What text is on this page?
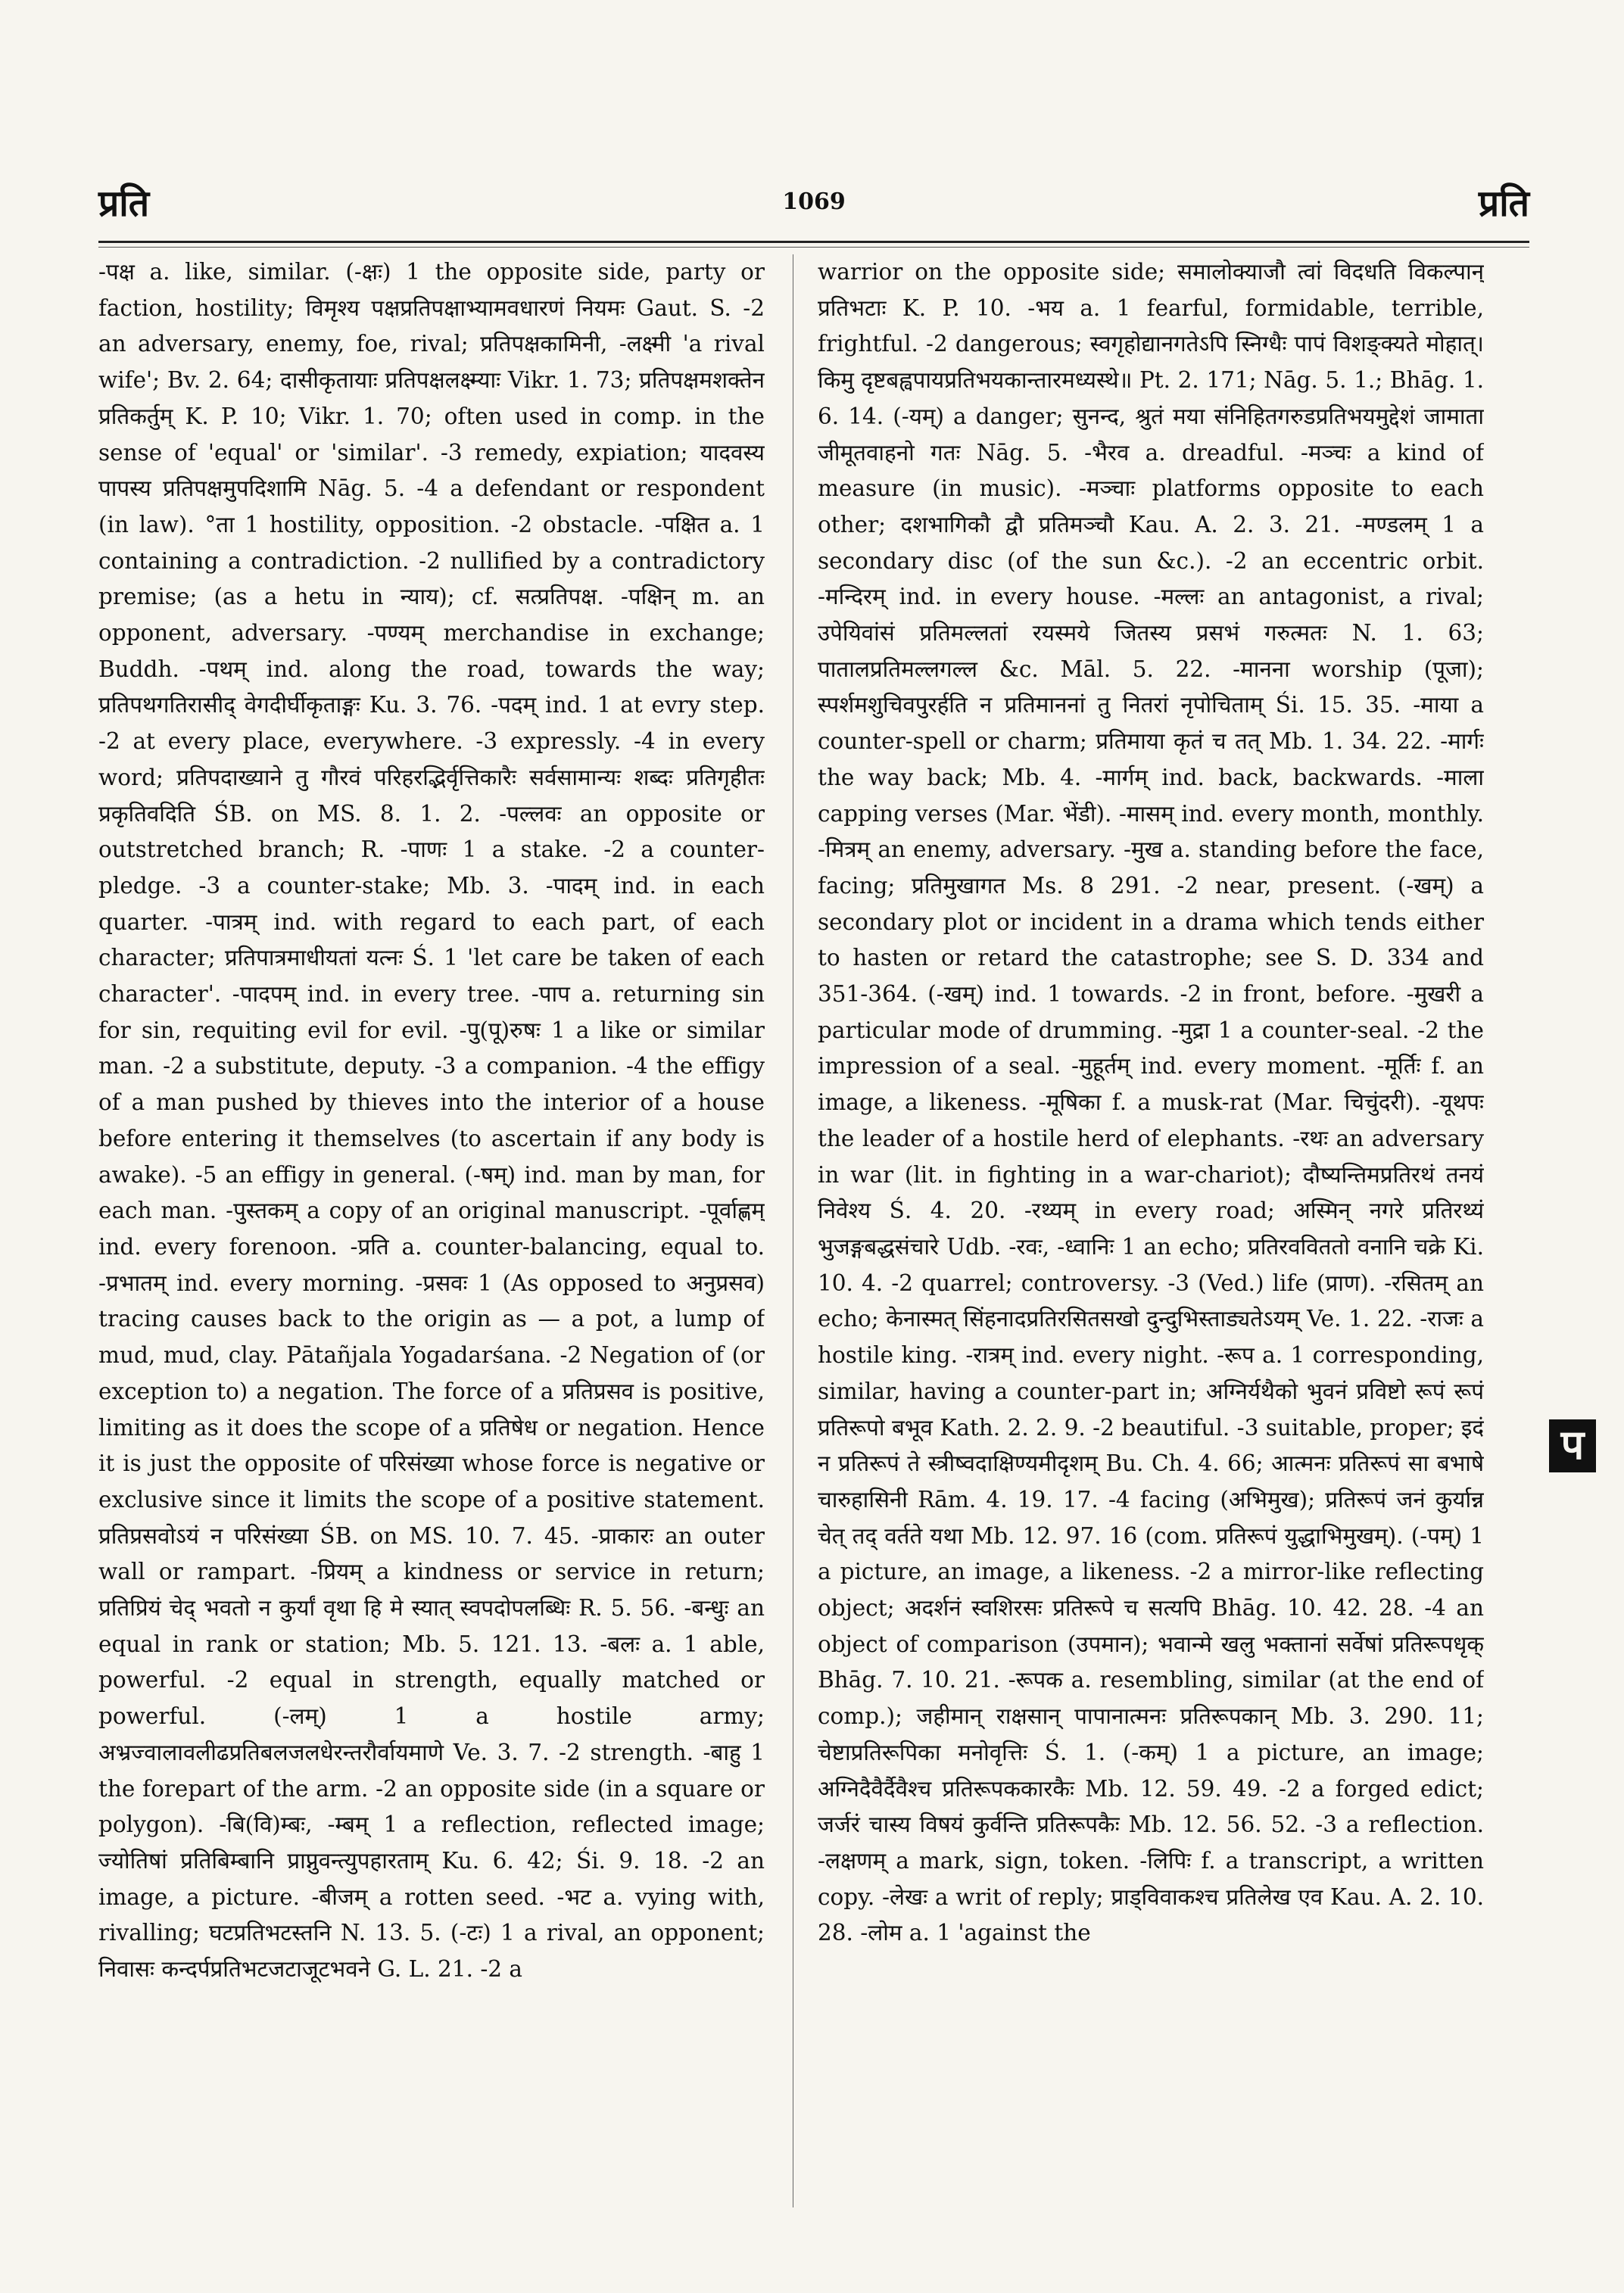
प्रति	1069	प्रति
-पक्ष a. like, similar. (-क्षः) 1 the opposite side, party or faction, hostility; विमृश्य पक्षप्रतिपक्षाभ्यामवधारणं नियमः Gaut. S. -2 an adversary, enemy, foe, rival; प्रतिपक्षकामिनी, -लक्ष्मी 'a rival wife'; Bv. 2. 64; दासीकृतायाः प्रतिपक्षलक्ष्म्याः Vikr. 1. 73; प्रतिपक्षमशक्तेन प्रतिकर्तुम् K. P. 10; Vikr. 1. 70; often used in comp. in the sense of 'equal' or 'similar'. -3 remedy, expiation; यादवस्य पापस्य प्रतिपक्षमुपदिशामि Nāg. 5. -4 a defendant or respondent (in law). °ता 1 hostility, opposition. -2 obstacle. -पक्षित a. 1 containing a contradiction. -2 nullified by a contradictory premise; (as a hetu in न्याय); cf. सत्प्रतिपक्ष. -पक्षिन् m. an opponent, adversary. -पण्यम् merchandise in exchange; Buddh. -पथम् ind. along the road, towards the way; प्रतिपथगतिरासीद् वेगदीर्घीकृताङ्गः Ku. 3. 76. -पदम् ind. 1 at evry step. -2 at every place, everywhere. -3 expressly. -4 in every word; प्रतिपदाख्याने तु गौरवं परिहरद्भिर्वृत्तिकारैः सर्वसामान्यः शब्दः प्रतिगृहीतः प्रकृतिवदिति ŚB. on MS. 8. 1. 2. -पल्लवः an opposite or outstretched branch; R. -पाणः 1 a stake. -2 a counter-pledge. -3 a counter-stake; Mb. 3. -पादम् ind. in each quarter. -पात्रम् ind. with regard to each part, of each character; प्रतिपात्रमाधीयतां यत्नः Ś. 1 'let care be taken of each character'. -पादपम् ind. in every tree. -पाप a. returning sin for sin, requiting evil for evil. -पु(पू)रुषः 1 a like or similar man. -2 a substitute, deputy. -3 a companion. -4 the effigy of a man pushed by thieves into the interior of a house before entering it themselves (to ascertain if any body is awake). -5 an effigy in general. (-षम्) ind. man by man, for each man. -पुस्तकम् a copy of an original manuscript. -पूर्वाह्णम् ind. every forenoon. -प्रति a. counter-balancing, equal to. -प्रभातम् ind. every morning. -प्रसवः 1 (As opposed to अनुप्रसव) tracing causes back to the origin as — a pot, a lump of mud, mud, clay. Pātañjala Yogadarśana. -2 Negation of (or exception to) a negation. The force of a प्रतिप्रसव is positive, limiting as it does the scope of a प्रतिषेध or negation. Hence it is just the opposite of परिसंख्या whose force is negative or exclusive since it limits the scope of a positive statement. प्रतिप्रसवोऽयं न परिसंख्या ŚB. on MS. 10. 7. 45. -प्राकारः an outer wall or rampart. -प्रियम् a kindness or service in return; प्रतिप्रियं चेद् भवतो न कुर्यां वृथा हि मे स्यात् स्वपदोपलब्धिः R. 5. 56. -बन्धुः an equal in rank or station; Mb. 5. 121. 13. -बलः a. 1 able, powerful. -2 equal in strength, equally matched or powerful. (-लम्) 1 a hostile army; अभ्रज्वालावलीढप्रतिबलजलधेरन्तरौर्वायमाणे Ve. 3. 7. -2 strength. -बाहु 1 the forepart of the arm. -2 an opposite side (in a square or polygon). -बि(वि)म्बः, -म्बम् 1 a reflection, reflected image; ज्योतिषां प्रतिबिम्बानि प्राप्नुवन्त्युपहारताम् Ku. 6. 42; Śi. 9. 18. -2 an image, a picture. -बीजम् a rotten seed. -भट a. vying with, rivalling; घटप्रतिभटस्तनि N. 13. 5. (-टः) 1 a rival, an opponent; निवासः कन्दर्पप्रतिभटजटाजूटभवने G. L. 21. -2 a
warrior on the opposite side; समालोक्याजौ त्वां विदधति विकल्पान् प्रतिभटाः K. P. 10. -भय a. 1 fearful, formidable, terrible, frightful. -2 dangerous; स्वगृहोद्यानगतेऽपि स्निग्धैः पापं विशङ्क्यते मोहात्। किमु दृष्टबह्वपायप्रतिभयकान्तारमध्यस्थे॥ Pt. 2. 171; Nāg. 5. 1.; Bhāg. 1. 6. 14. (-यम्) a danger; सुनन्द, श्रुतं मया संनिहितगरुडप्रतिभयमुद्देशं जामाता जीमूतवाहनो गतः Nāg. 5. -भैरव a. dreadful. -मञ्चः a kind of measure (in music). -मञ्चाः platforms opposite to each other; दशभागिकौ द्वौ प्रतिमञ्चौ Kau. A. 2. 3. 21. -मण्डलम् 1 a secondary disc (of the sun &c.). -2 an eccentric orbit. -मन्दिरम् ind. in every house. -मल्लः an antagonist, a rival; उपेयिवांसं प्रतिमल्लतां रयस्मये जितस्य प्रसभं गरुत्मतः N. 1. 63; पातालप्रतिमल्लगल्ल &c. Māl. 5. 22. -मानना worship (पूजा); स्पर्शमशुचिवपुरर्हति न प्रतिमाननां तु नितरां नृपोचिताम् Śi. 15. 35. -माया a counter-spell or charm; प्रतिमाया कृतं च तत् Mb. 1. 34. 22. -मार्गः the way back; Mb. 4. -मार्गम् ind. back, backwards. -माला capping verses (Mar. भेंडी). -मासम् ind. every month, monthly. -मित्रम् an enemy, adversary. -मुख a. standing before the face, facing; प्रतिमुखागत Ms. 8 291. -2 near, present. (-खम्) a secondary plot or incident in a drama which tends either to hasten or retard the catastrophe; see S. D. 334 and 351-364. (-खम्) ind. 1 towards. -2 in front, before. -मुखरी a particular mode of drumming. -मुद्रा 1 a counter-seal. -2 the impression of a seal. -मुहूर्तम् ind. every moment. -मूर्तिः f. an image, a likeness. -मूषिका f. a musk-rat (Mar. चिचुंदरी). -यूथपः the leader of a hostile herd of elephants. -रथः an adversary in war (lit. in fighting in a war-chariot); दौष्यन्तिमप्रतिरथं तनयं निवेश्य Ś. 4. 20. -रथ्यम् in every road; अस्मिन् नगरे प्रतिरथ्यं भुजङ्गबद्धसंचारे Udb. -रवः, -ध्वानिः 1 an echo; प्रतिरवविततो वनानि चक्रे Ki. 10. 4. -2 quarrel; controversy. -3 (Ved.) life (प्राण). -रसितम् an echo; केनास्मत् सिंहनादप्रतिरसितसखो दुन्दुभिस्ताड्यतेऽयम् Ve. 1. 22. -राजः a hostile king. -रात्रम् ind. every night. -रूप a. 1 corresponding, similar, having a counter-part in; अग्निर्यथैको भुवनं प्रविष्टो रूपं रूपं प्रतिरूपो बभूव Kath. 2. 2. 9. -2 beautiful. -3 suitable, proper; इदं न प्रतिरूपं ते स्त्रीष्वदाक्षिण्यमीदृशम् Bu. Ch. 4. 66; आत्मनः प्रतिरूपं सा बभाषे चारुहासिनी Rām. 4. 19. 17. -4 facing (अभिमुख); प्रतिरूपं जनं कुर्यान्न चेत् तद् वर्तते यथा Mb. 12. 97. 16 (com. प्रतिरूपं युद्धाभिमुखम्). (-पम्) 1 a picture, an image, a likeness. -2 a mirror-like reflecting object; अदर्शनं स्वशिरसः प्रतिरूपे च सत्यपि Bhāg. 10. 42. 28. -4 an object of comparison (उपमान); भवान्मे खलु भक्तानां सर्वेषां प्रतिरूपधृक् Bhāg. 7. 10. 21. -रूपक a. resembling, similar (at the end of comp.); जहीमान् राक्षसान् पापानात्मनः प्रतिरूपकान् Mb. 3. 290. 11; चेष्टाप्रतिरूपिका मनोवृत्तिः Ś. 1. (-कम्) 1 a picture, an image; अग्निदैवैर्दैवैश्च प्रतिरूपककारकैः Mb. 12. 59. 49. -2 a forged edict; जर्जरं चास्य विषयं कुर्वन्ति प्रतिरूपकैः Mb. 12. 56. 52. -3 a reflection. -लक्षणम् a mark, sign, token. -लिपिः f. a transcript, a written copy. -लेखः a writ of reply; प्राड्विवाकश्च प्रतिलेख एव Kau. A. 2. 10. 28. -लोम a. 1 'against the
प
